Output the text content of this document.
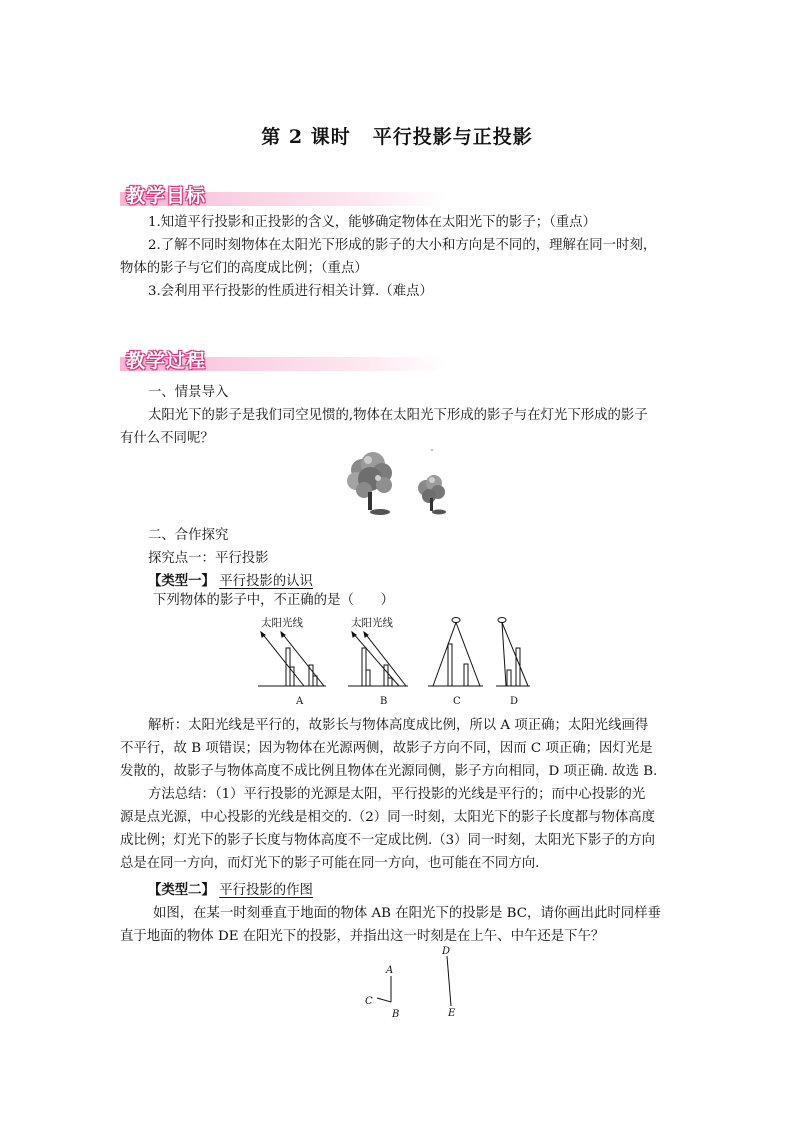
第 2 课时 平行投影与正投影
教学目标
1.知道平行投影和正投影的含义，能够确定物体在太阳光下的影子；（重点）
2.了解不同时刻物体在太阳光下形成的影子的大小和方向是不同的，理解在同一时刻，
物体的影子与它们的高度成比例；（重点）
3.会利用平行投影的性质进行相关计算.（难点）
教学过程
一、情景导入
太阳光下的影子是我们司空见惯的,物体在太阳光下形成的影子与在灯光下形成的影子
有什么不同呢？
二、合作探究
探究点一：平行投影
【类型一】 平行投影的认识
下列物体的影子中，不正确的是（　　）
太阳光线	太阳光线
A	B	C	D
解析：太阳光线是平行的，故影长与物体高度成比例，所以 A 项正确；太阳光线画得
不平行，故 B 项错误；因为物体在光源两侧，故影子方向不同，因而 C 项正确；因灯光是
发散的，故影子与物体高度不成比例且物体在光源同侧，影子方向相同，D 项正确. 故选 B.
方法总结：（1）平行投影的光源是太阳，平行投影的光线是平行的；而中心投影的光
源是点光源，中心投影的光线是相交的.（2）同一时刻，太阳光下的影子长度都与物体高度
成比例；灯光下的影子长度与物体高度不一定成比例.（3）同一时刻，太阳光下影子的方向
总是在同一方向，而灯光下的影子可能在同一方向，也可能在不同方向.
【类型二】 平行投影的作图
如图，在某一时刻垂直于地面的物体 AB 在阳光下的投影是 BC，请你画出此时同样垂
直于地面的物体 DE 在阳光下的投影，并指出这一时刻是在上午、中午还是下午？
A
B
C
D
E
